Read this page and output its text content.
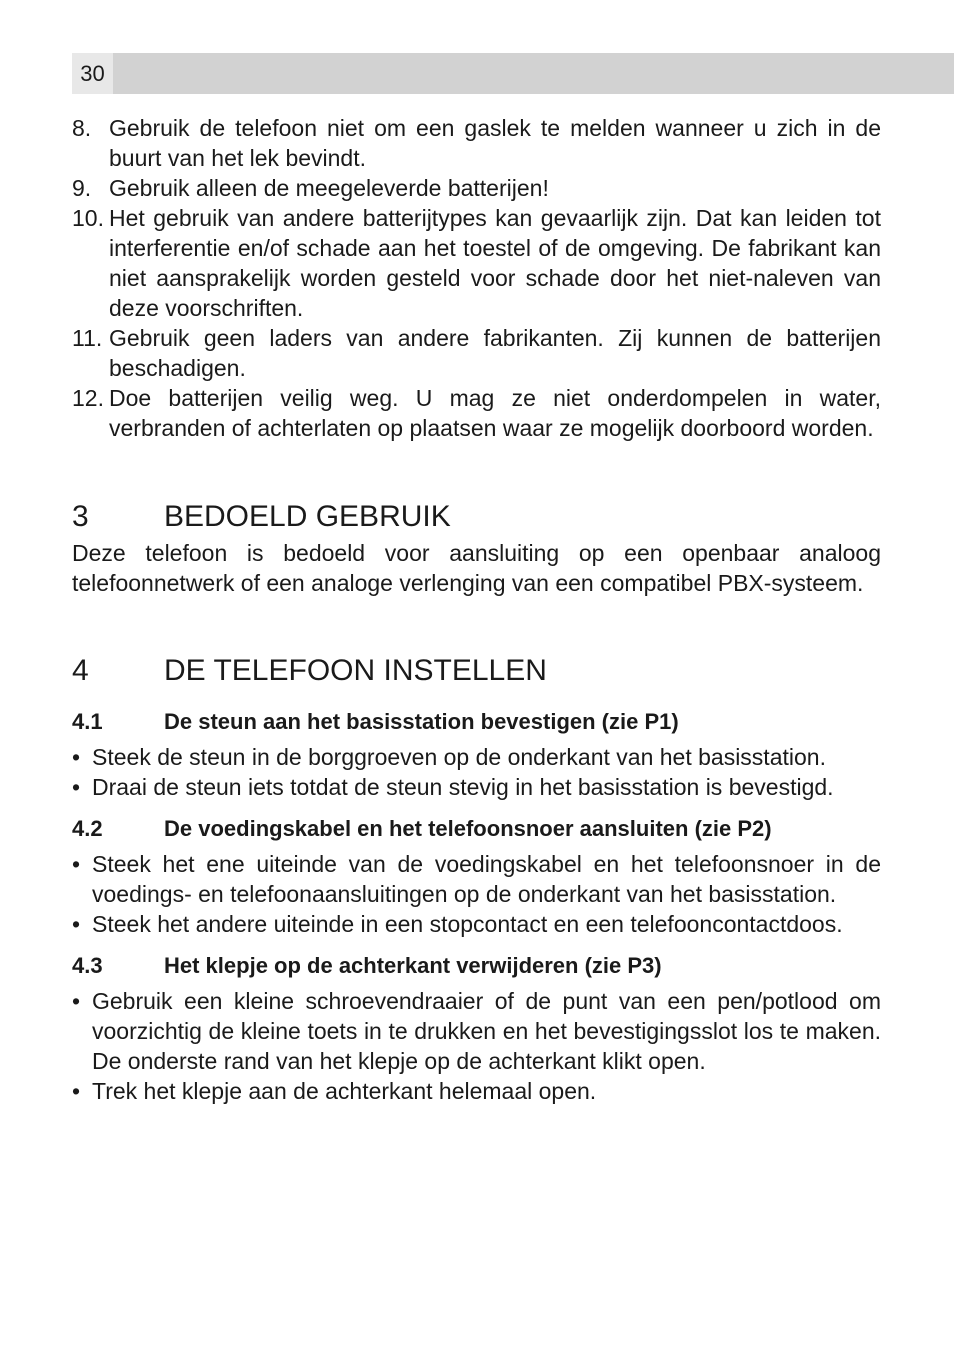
30
8. Gebruik de telefoon niet om een gaslek te melden wanneer u zich in de buurt van het lek bevindt.
9. Gebruik alleen de meegeleverde batterijen!
10. Het gebruik van andere batterijtypes kan gevaarlijk zijn. Dat kan leiden tot interferentie en/of schade aan het toestel of de omgeving. De fabrikant kan niet aansprakelijk worden gesteld voor schade door het niet-naleven van deze voorschriften.
11. Gebruik geen laders van andere fabrikanten. Zij kunnen de batterijen beschadigen.
12. Doe batterijen veilig weg. U mag ze niet onderdompelen in water, verbranden of achterlaten op plaatsen waar ze mogelijk doorboord worden.
3	BEDOELD GEBRUIK

Deze telefoon is bedoeld voor aansluiting op een openbaar analoog telefoonnetwerk of een analoge verlenging van een compatibel PBX-systeem.

4	DE TELEFOON INSTELLEN
4.1	De steun aan het basisstation bevestigen (zie P1)
• Steek de steun in de borggroeven op de onderkant van het basisstation.
• Draai de steun iets totdat de steun stevig in het basisstation is bevestigd.
4.2	De voedingskabel en het telefoonsnoer aansluiten (zie P2)
• Steek het ene uiteinde van de voedingskabel en het telefoonsnoer in de voedings- en telefoonaansluitingen op de onderkant van het basisstation.
• Steek het andere uiteinde in een stopcontact en een telefooncontactdoos.
4.3	Het klepje op de achterkant verwijderen (zie P3)
• Gebruik een kleine schroevendraaier of de punt van een pen/potlood om voorzichtig de kleine toets in te drukken en het bevestigingsslot los te maken. De onderste rand van het klepje op de achterkant klikt open.
• Trek het klepje aan de achterkant helemaal open.
